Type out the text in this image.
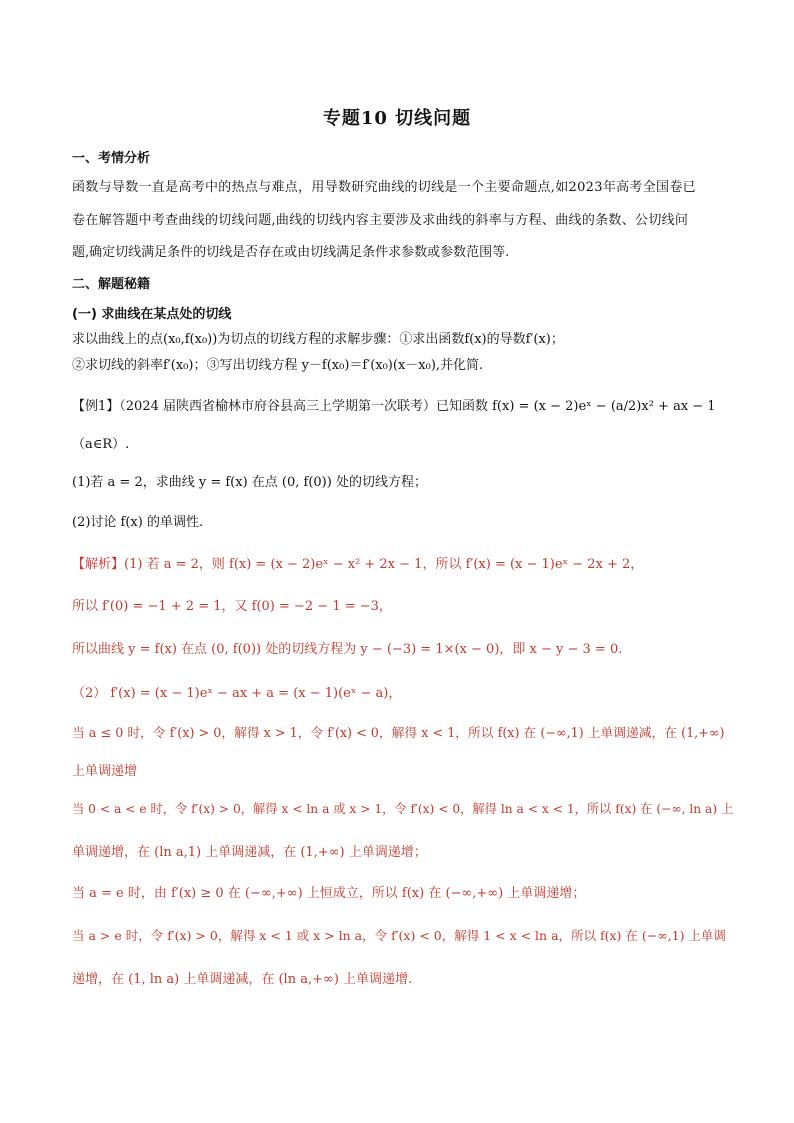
专题10 切线问题
一、考情分析
函数与导数一直是高考中的热点与难点，用导数研究曲线的切线是一个主要命题点,如2023年高考全国卷已
卷在解答题中考查曲线的切线问题,曲线的切线内容主要涉及求曲线的斜率与方程、曲线的条数、公切线问
题,确定切线满足条件的切线是否存在或由切线满足条件求参数或参数范围等.
二、解题秘籍
(一) 求曲线在某点处的切线
求以曲线上的点(x₀,f(x₀))为切点的切线方程的求解步骤：①求出函数f(x)的导数f′(x)；
②求切线的斜率f′(x₀)；③写出切线方程 y－f(x₀)＝f′(x₀)(x－x₀),并化简.
【例1】（2024 届陕西省榆林市府谷县高三上学期第一次联考）已知函数 f(x) = (x − 2)eˣ − (a/2)x² + ax − 1
（a∈R）.
(1)若 a = 2，求曲线 y = f(x) 在点 (0, f(0)) 处的切线方程；
(2)讨论 f(x) 的单调性.
【解析】(1) 若 a = 2，则 f(x) = (x − 2)eˣ − x² + 2x − 1，所以 f′(x) = (x − 1)eˣ − 2x + 2，
所以 f′(0) = −1 + 2 = 1，又 f(0) = −2 − 1 = −3，
所以曲线 y = f(x) 在点 (0, f(0)) 处的切线方程为 y − (−3) = 1×(x − 0)，即 x − y − 3 = 0.
（2） f′(x) = (x − 1)eˣ − ax + a = (x − 1)(eˣ − a)，
当 a ≤ 0 时，令 f′(x) > 0，解得 x > 1，令 f′(x) < 0，解得 x < 1，所以 f(x) 在 (−∞,1) 上单调递减，在 (1,+∞)
上单调递增
当 0 < a < e 时，令 f′(x) > 0，解得 x < ln a 或 x > 1，令 f′(x) < 0，解得 ln a < x < 1，所以 f(x) 在 (−∞, ln a) 上
单调递增，在 (ln a,1) 上单调递减，在 (1,+∞) 上单调递增；
当 a = e 时，由 f′(x) ≥ 0 在 (−∞,+∞) 上恒成立，所以 f(x) 在 (−∞,+∞) 上单调递增；
当 a > e 时，令 f′(x) > 0，解得 x < 1 或 x > ln a，令 f′(x) < 0，解得 1 < x < ln a，所以 f(x) 在 (−∞,1) 上单调
递增，在 (1, ln a) 上单调递减，在 (ln a,+∞) 上单调递增.
